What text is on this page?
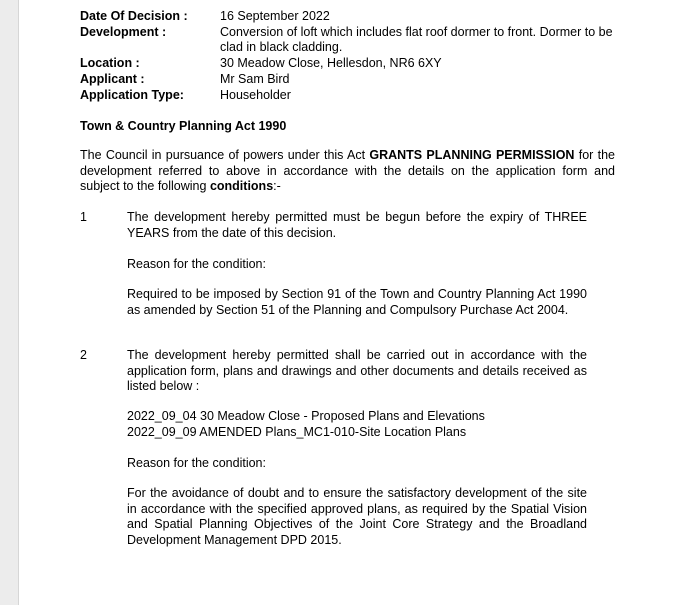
Date Of Decision :	16 September 2022
Development :	Conversion of loft which includes flat roof dormer to front. Dormer to be clad in black cladding.
Location :	30 Meadow Close, Hellesdon, NR6 6XY
Applicant :	Mr Sam Bird
Application Type:	Householder
Town & Country Planning Act 1990
The Council in pursuance of powers under this Act GRANTS PLANNING PERMISSION for the development referred to above in accordance with the details on the application form and subject to the following conditions:-
1	The development hereby permitted must be begun before the expiry of THREE YEARS from the date of this decision.
Reason for the condition:
Required to be imposed by Section 91 of the Town and Country Planning Act 1990 as amended by Section 51 of the Planning and Compulsory Purchase Act 2004.
2	The development hereby permitted shall be carried out in accordance with the application form, plans and drawings and other documents and details received as listed below :
2022_09_04 30 Meadow Close - Proposed Plans and Elevations
2022_09_09 AMENDED Plans_MC1-010-Site Location Plans
Reason for the condition:
For the avoidance of doubt and to ensure the satisfactory development of the site in accordance with the specified approved plans, as required by the Spatial Vision and Spatial Planning Objectives of the Joint Core Strategy and the Broadland Development Management DPD 2015.
